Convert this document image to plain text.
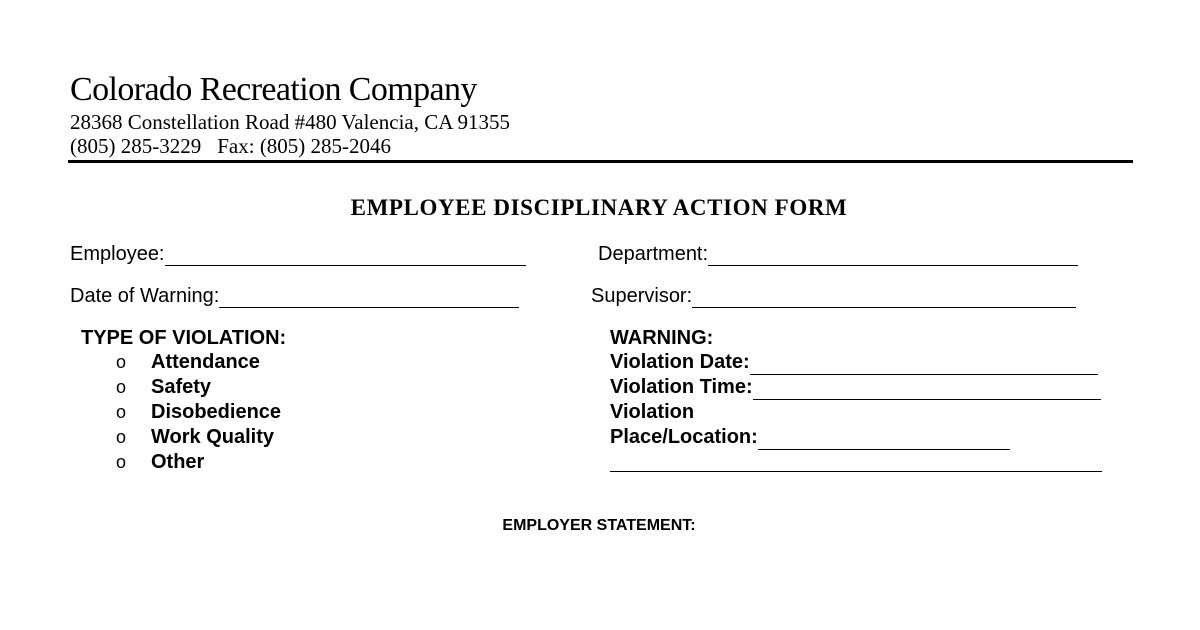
Colorado Recreation Company
28368 Constellation Road #480 Valencia, CA 91355
(805) 285-3229 Fax: (805) 285-2046
EMPLOYEE DISCIPLINARY ACTION FORM
Employee:	Department:
Date of Warning:	Supervisor:
TYPE OF VIOLATION:
o	Attendance
o	Safety
o	Disobedience
o	Work Quality
o	Other
WARNING:
Violation Date:
Violation Time:
Violation
Place/Location:
EMPLOYER STATEMENT:
